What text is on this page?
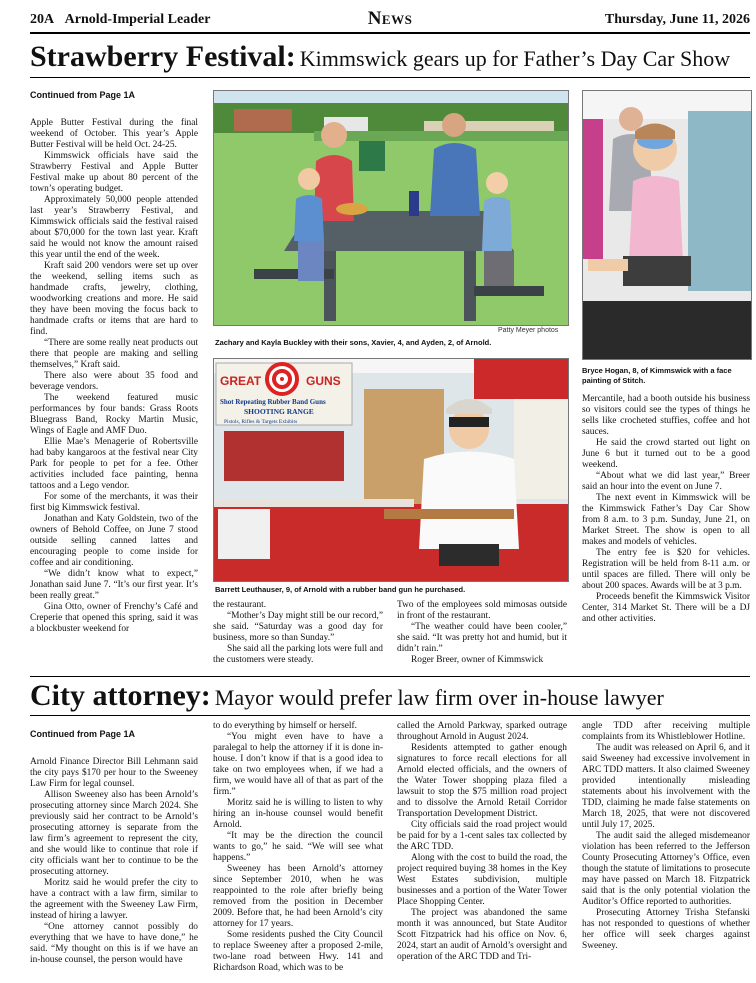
20A Arnold-Imperial Leader	News	Thursday, June 11, 2026
Strawberry Festival: Kimmswick gears up for Father’s Day Car Show
Continued from Page 1A

Apple Butter Festival during the final weekend of October. This year’s Apple Butter Festival will be held Oct. 24-25.

Kimmswick officials have said the Strawberry Festival and Apple Butter Festival make up about 80 percent of the town’s operating budget.

Approximately 50,000 people attended last year’s Strawberry Festival, and Kimmswick officials said the festival raised about $70,000 for the town last year. Kraft said he would not know the amount raised this year until the end of the week.

Kraft said 200 vendors were set up over the weekend, selling items such as handmade crafts, jewelry, clothing, woodworking creations and more. He said they have been moving the focus back to handmade crafts or items that are hard to find.

“There are some really neat products out there that people are making and selling themselves,” Kraft said.

There also were about 35 food and beverage vendors.

The weekend featured music performances by four bands: Grass Roots Bluegrass Band, Rocky Martin Music, Wings of Eagle and AMF Duo.

Ellie Mae’s Menagerie of Robertsville had baby kangaroos at the festival near City Park for people to pet for a fee. Other activities included face painting, henna tattoos and a Lego vendor.

For some of the merchants, it was their first big Kimmswick festival.

Jonathan and Katy Goldstein, two of the owners of Behold Coffee, on June 7 stood outside selling canned lattes and encouraging people to come inside for coffee and air conditioning.

“We didn’t know what to expect,” Jonathan said June 7. “It’s our first year. It’s been really great.”

Gina Otto, owner of Frenchy’s Café and Creperie that opened this spring, said it was a blockbuster weekend for

the restaurant.

“Mother’s Day might still be our record,” she said. “Saturday was a good day for business, more so than Sunday.”

She said all the parking lots were full and the customers were steady.

Two of the employees sold mimosas outside in front of the restaurant.

“The weather could have been cooler,” she said. “It was pretty hot and humid, but it didn’t rain.”

Roger Breer, owner of Kimmswick

Mercantile, had a booth outside his business so visitors could see the types of things he sells like crocheted stuffies, coffee and hot sauces.

He said the crowd started out light on June 6 but it turned out to be a good weekend.

“About what we did last year,” Breer said an hour into the event on June 7.

The next event in Kimmswick will be the Kimmswick Father’s Day Car Show from 8 a.m. to 3 p.m. Sunday, June 21, on Market Street. The show is open to all makes and models of vehicles.

The entry fee is $20 for vehicles. Registration will be held from 8-11 a.m. or until spaces are filled. There will only be about 200 spaces. Awards will be at 3 p.m.

Proceeds benefit the Kimmswick Visitor Center, 314 Market St. There will be a DJ and other activities.

Patty Meyer photos
Zachary and Kayla Buckley with their sons, Xavier, 4, and Ayden, 2, of Arnold.
Bryce Hogan, 8, of Kimmswick with a face painting of Stitch.
GREAT	GUNS
Shot Repeating Rubber Band Guns
SHOOTING RANGE
Pistols, Rifles & Targets Exhibits
Barrett Leuthauser, 9, of Arnold with a rubber band gun he purchased.
City attorney: Mayor would prefer law firm over in-house lawyer
Continued from Page 1A

Arnold Finance Director Bill Lehmann said the city pays $170 per hour to the Sweeney Law Firm for legal counsel.

Allison Sweeney also has been Arnold’s prosecuting attorney since March 2024. She previously said her contract to be Arnold’s prosecuting attorney is separate from the law firm’s agreement to represent the city, and she would like to continue that role if city officials want her to continue to be the prosecuting attorney.

Moritz said he would prefer the city to have a contract with a law firm, similar to the agreement with the Sweeney Law Firm, instead of hiring a lawyer.

“One attorney cannot possibly do everything that we have to have done,” he said. “My thought on this is if we have an in-house counsel, the person would have

to do everything by himself or herself.

“You might even have to have a paralegal to help the attorney if it is done in-house. I don’t know if that is a good idea to take on two employees when, if we had a firm, we would have all of that as part of the firm.”

Moritz said he is willing to listen to why hiring an in-house counsel would benefit Arnold.

“It may be the direction the council wants to go,” he said. “We will see what happens.”

Sweeney has been Arnold’s attorney since September 2010, when he was reappointed to the role after briefly being removed from the position in December 2009. Before that, he had been Arnold’s city attorney for 17 years.

Some residents pushed the City Council to replace Sweeney after a proposed 2-mile, two-lane road between Hwy. 141 and Richardson Road, which was to be

called the Arnold Parkway, sparked outrage throughout Arnold in August 2024.

Residents attempted to gather enough signatures to force recall elections for all Arnold elected officials, and the owners of the Water Tower shopping plaza filed a lawsuit to stop the $75 million road project and to dissolve the Arnold Retail Corridor Transportation Development District.

City officials said the road project would be paid for by a 1-cent sales tax collected by the ARC TDD.

Along with the cost to build the road, the project required buying 38 homes in the Key West Estates subdivision, multiple businesses and a portion of the Water Tower Place Shopping Center.

The project was abandoned the same month it was announced, but State Auditor Scott Fitzpatrick had his office on Nov. 6, 2024, start an audit of Arnold’s oversight and operation of the ARC TDD and Tri-

angle TDD after receiving multiple complaints from its Whistleblower Hotline.

The audit was released on April 6, and it said Sweeney had excessive involvement in ARC TDD matters. It also claimed Sweeney provided intentionally misleading statements about his involvement with the TDD, claiming he made false statements on March 18, 2025, that were not discovered until July 17, 2025.

The audit said the alleged misdemeanor violation has been referred to the Jefferson County Prosecuting Attorney’s Office, even though the statute of limitations to prosecute may have passed on March 18. Fitzpatrick said that is the only potential violation the Auditor’s Office reported to authorities.

Prosecuting Attorney Trisha Stefanski has not responded to questions of whether her office will seek charges against Sweeney.
